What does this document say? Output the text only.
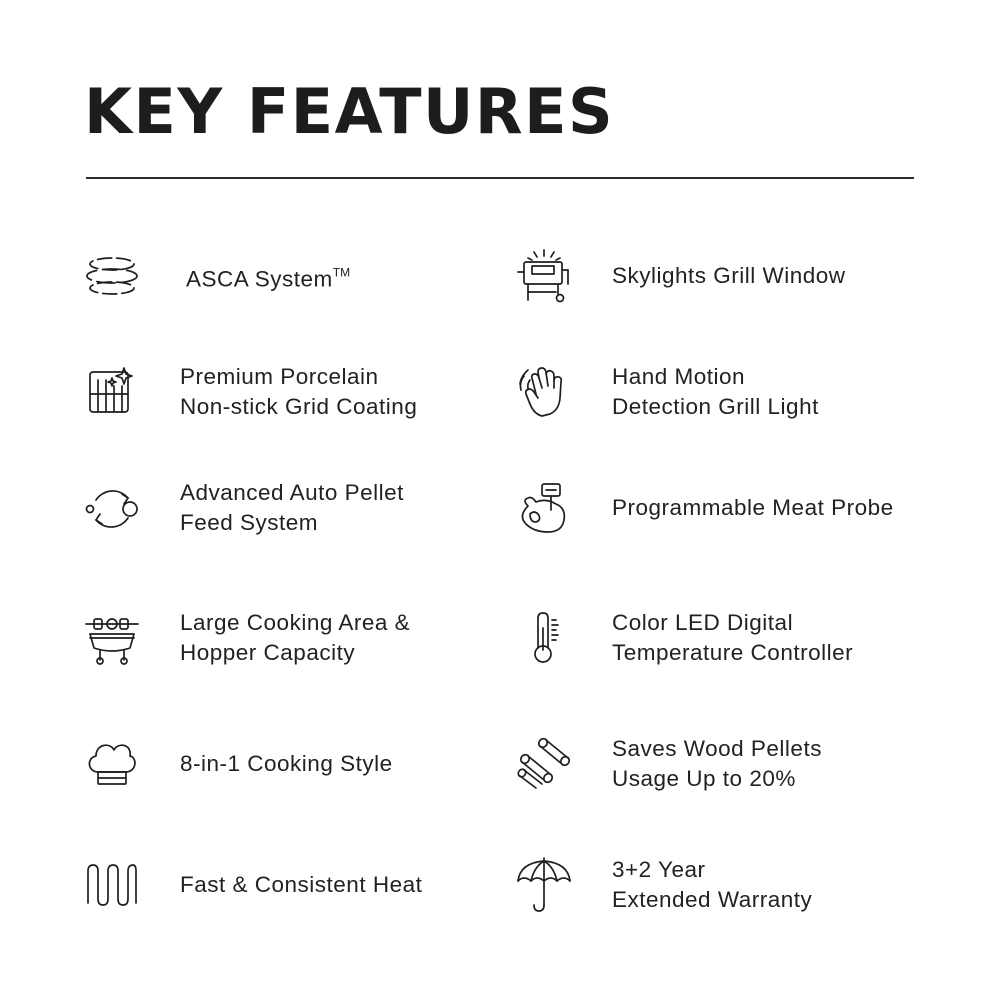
KEY FEATURES
ASCA System™
Premium Porcelain
Non-stick Grid Coating
Advanced Auto Pellet
Feed System
Large Cooking Area &
Hopper Capacity
8-in-1 Cooking Style
Fast & Consistent Heat
Skylights Grill Window
Hand Motion
Detection Grill Light
Programmable Meat Probe
Color LED Digital
Temperature Controller
Saves Wood Pellets
Usage Up to 20%
3+2 Year
Extended Warranty
